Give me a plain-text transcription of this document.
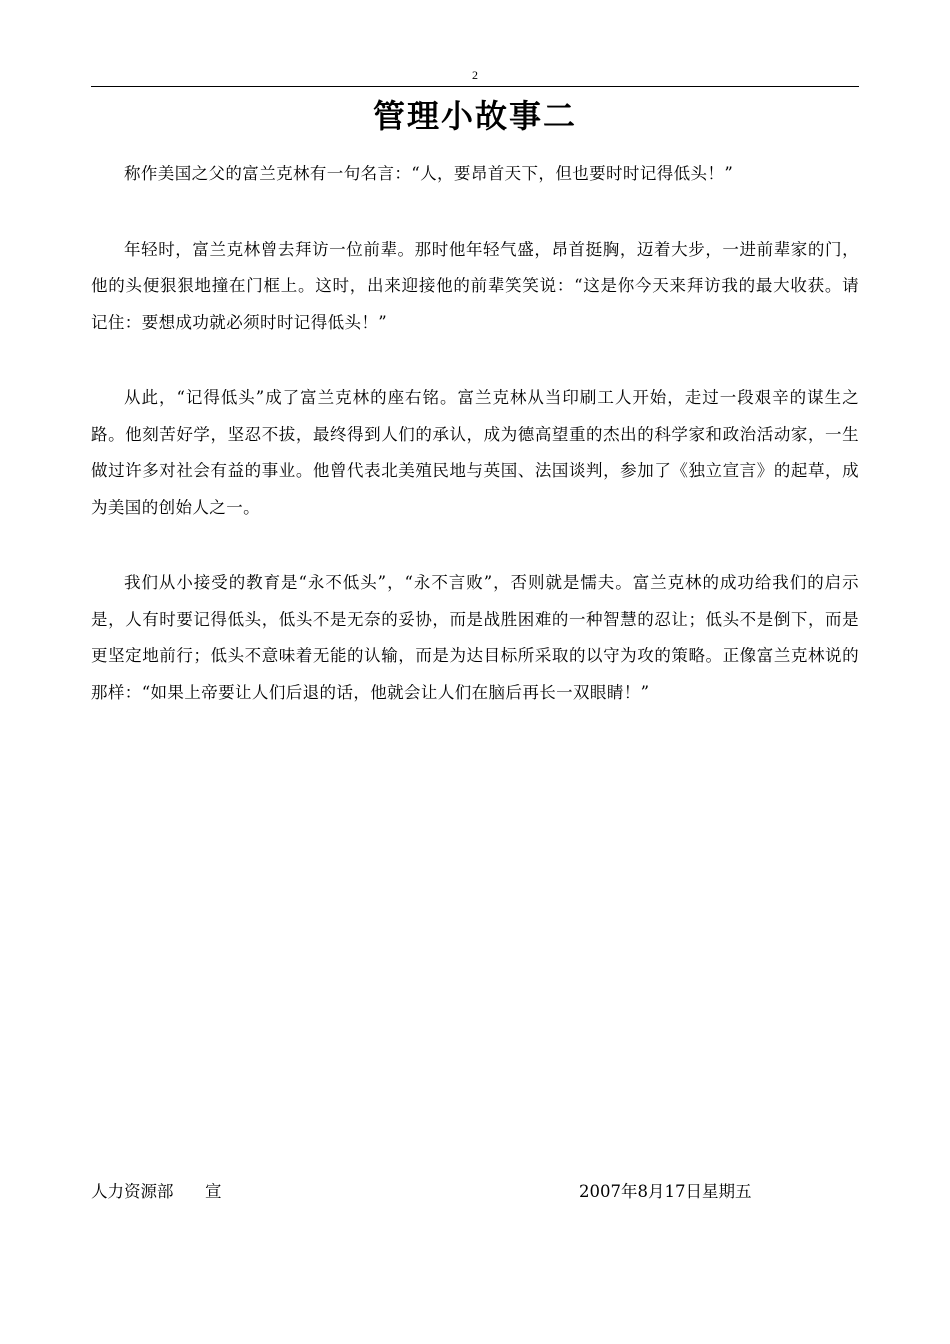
2
管理小故事二

称作美国之父的富兰克林有一句名言：“人，要昂首天下，但也要时时记得低头！”

年轻时，富兰克林曾去拜访一位前辈。那时他年轻气盛，昂首挺胸，迈着大步，一进前辈家的门，他的头便狠狠地撞在门框上。这时，出来迎接他的前辈笑笑说：“这是你今天来拜访我的最大收获。请记住：要想成功就必须时时记得低头！”

从此，“记得低头”成了富兰克林的座右铭。富兰克林从当印刷工人开始，走过一段艰辛的谋生之路。他刻苦好学，坚忍不拔，最终得到人们的承认，成为德高望重的杰出的科学家和政治活动家，一生做过许多对社会有益的事业。他曾代表北美殖民地与英国、法国谈判，参加了《独立宣言》的起草，成为美国的创始人之一。

我们从小接受的教育是“永不低头”，“永不言败”，否则就是懦夫。富兰克林的成功给我们的启示是，人有时要记得低头，低头不是无奈的妥协，而是战胜困难的一种智慧的忍让；低头不是倒下，而是更坚定地前行；低头不意味着无能的认输，而是为达目标所采取的以守为攻的策略。正像富兰克林说的那样：“如果上帝要让人们后退的话，他就会让人们在脑后再长一双眼睛！”

人力资源部      宣	2007年8月17日星期五
